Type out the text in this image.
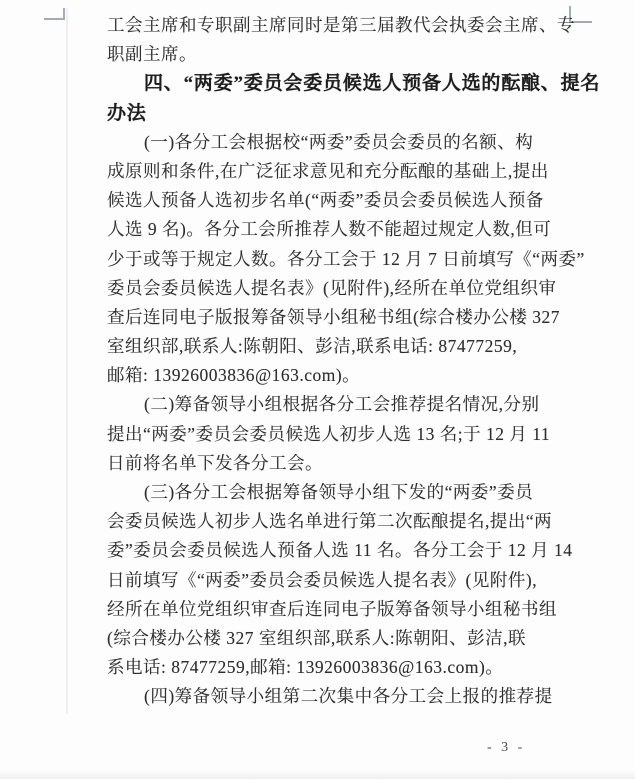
工会主席和专职副主席同时是第三届教代会执委会主席、专
职副主席。
四、“两委”委员会委员候选人预备人选的酝酿、提名
办法
(一)各分工会根据校“两委”委员会委员的名额、构
成原则和条件,在广泛征求意见和充分酝酿的基础上,提出
候选人预备人选初步名单(“两委”委员会委员候选人预备
人选 9 名)。各分工会所推荐人数不能超过规定人数,但可
少于或等于规定人数。各分工会于 12 月 7 日前填写《“两委”
委员会委员候选人提名表》(见附件),经所在单位党组织审
查后连同电子版报筹备领导小组秘书组(综合楼办公楼 327
室组织部,联系人:陈朝阳、彭洁,联系电话: 87477259,
邮箱: 13926003836@163.com)。
(二)筹备领导小组根据各分工会推荐提名情况,分别
提出“两委”委员会委员候选人初步人选 13 名;于 12 月 11
日前将名单下发各分工会。
(三)各分工会根据筹备领导小组下发的“两委”委员
会委员候选人初步人选名单进行第二次酝酿提名,提出“两
委”委员会委员候选人预备人选 11 名。各分工会于 12 月 14
日前填写《“两委”委员会委员候选人提名表》(见附件),
经所在单位党组织审查后连同电子版筹备领导小组秘书组
(综合楼办公楼 327 室组织部,联系人:陈朝阳、彭洁,联
系电话: 87477259,邮箱: 13926003836@163.com)。
(四)筹备领导小组第二次集中各分工会上报的推荐提
- 3 -
